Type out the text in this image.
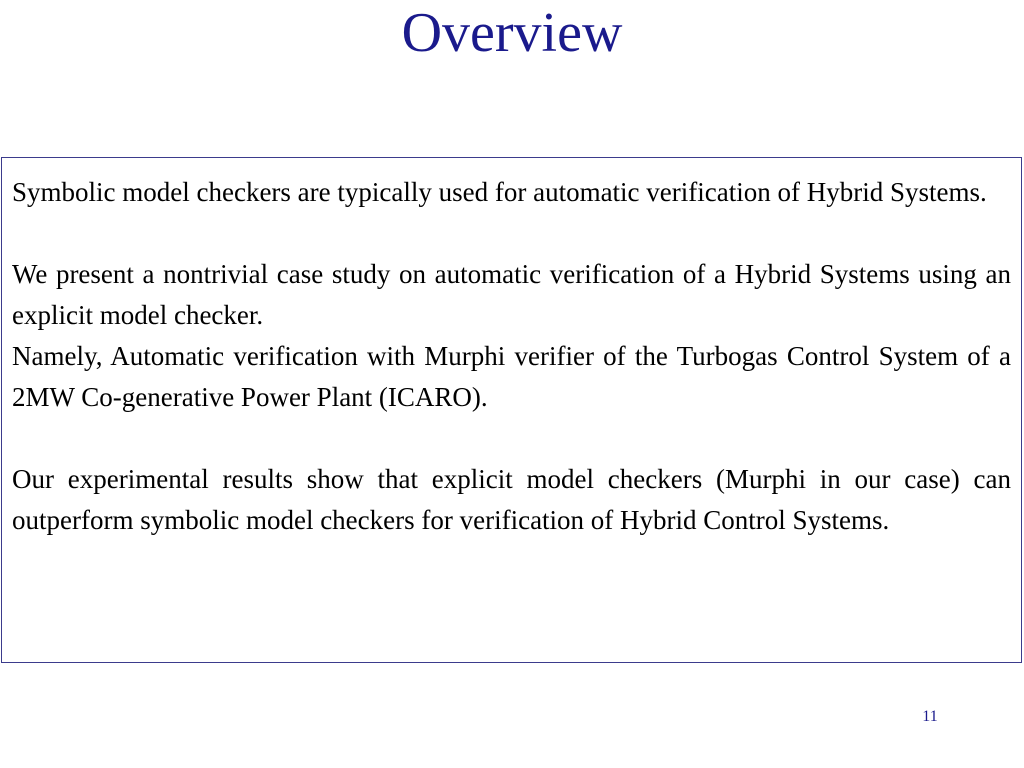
Overview

Symbolic model checkers are typically used for automatic verification of Hybrid Systems.

We present a nontrivial case study on automatic verification of a Hybrid Systems using an explicit model checker.

Namely, Automatic verification with Murphi verifier of the Turbogas Control System of a 2MW Co-generative Power Plant (ICARO).

Our experimental results show that explicit model checkers (Murphi in our case) can outperform symbolic model checkers for verification of Hybrid Control Systems.

11
